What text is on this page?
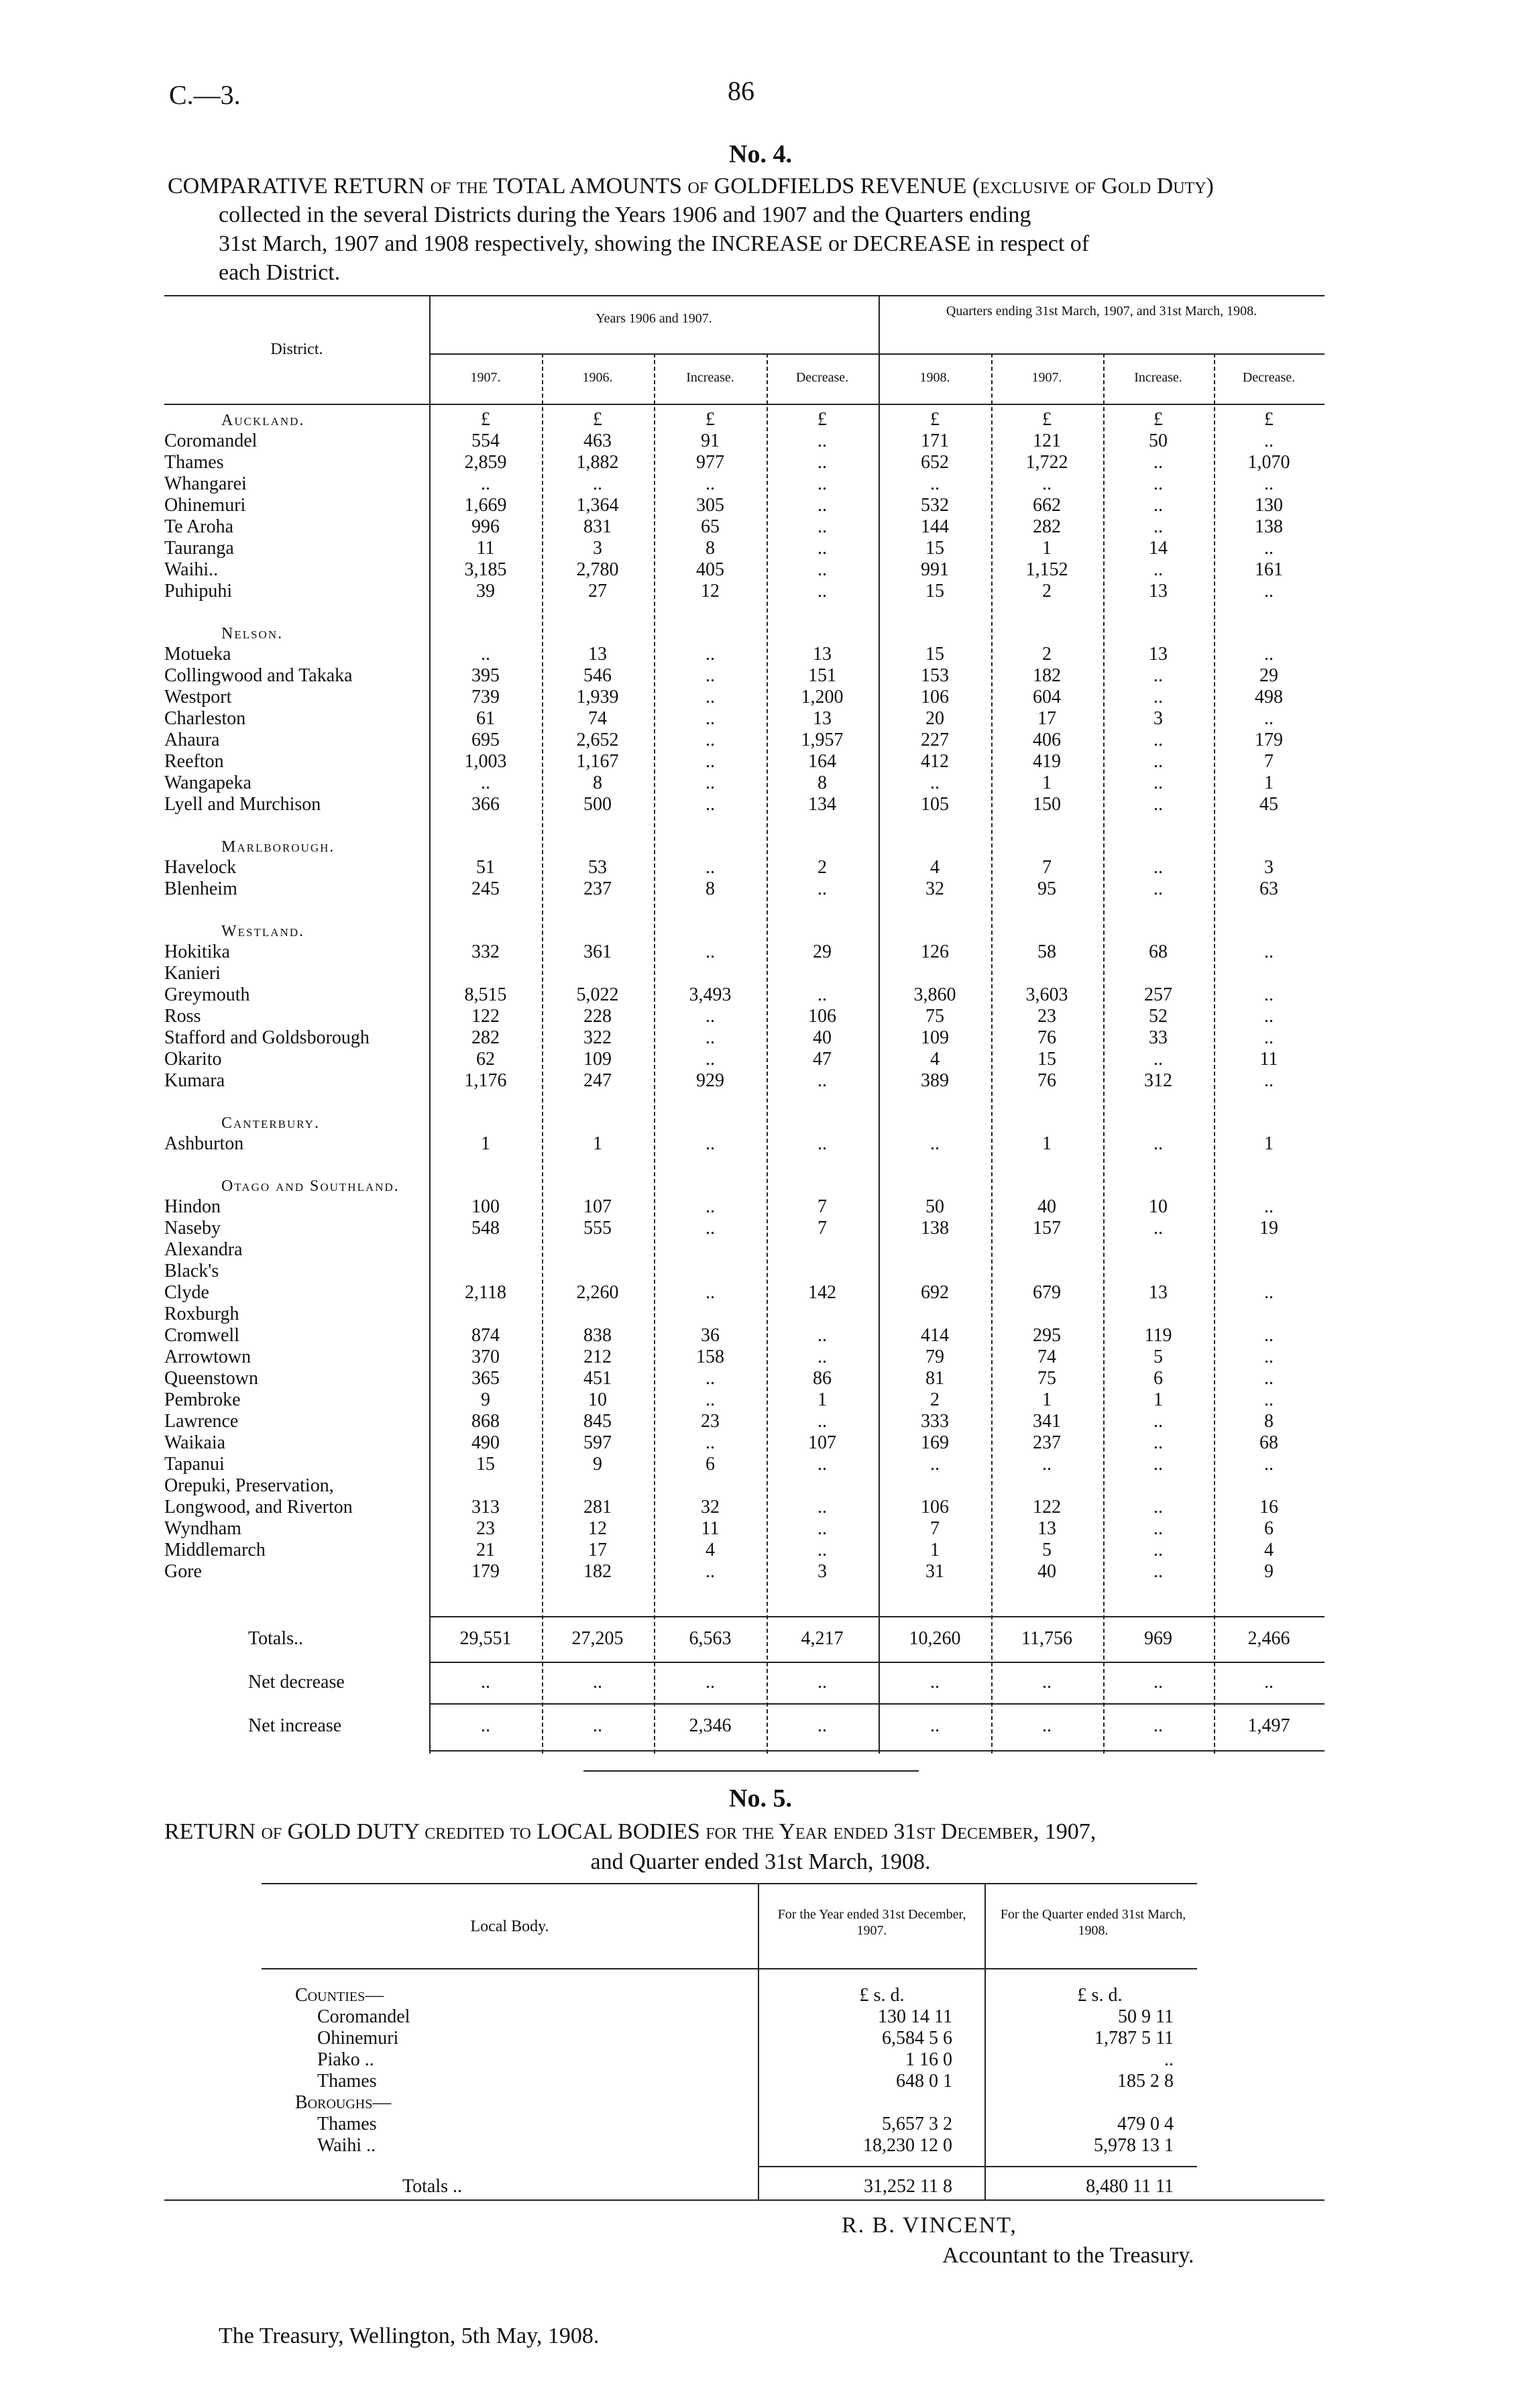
C.—3.	86
No. 4.
COMPARATIVE RETURN of the TOTAL AMOUNTS of GOLDFIELDS REVENUE (exclusive of Gold Duty)
collected in the several Districts during the Years 1906 and 1907 and the Quarters ending
31st March, 1907 and 1908 respectively, showing the INCREASE or DECREASE in respect of
each District.
District.
Years 1906 and 1907.	Quarters ending 31st March, 1907, and 31st March, 1908.
1907.	1906.	Increase.	Decrease.	1908.	1907.	Increase.	Decrease.
£	£	£	£	£	£	£	£
Auckland.
Coromandel	554	463	91	..	171	121	50	..
Thames	2,859	1,882	977	..	652	1,722	..	1,070
Whangarei	..	..	..	..	..	..	..	..
Ohinemuri	1,669	1,364	305	..	532	662	..	130
Te Aroha	996	831	65	..	144	282	..	138
Tauranga	11	3	8	..	15	1	14	..
Waihi..	3,185	2,780	405	..	991	1,152	..	161
Puhipuhi	39	27	12	..	15	2	13	..
Nelson.
Motueka	..	13	..	13	15	2	13	..
Collingwood and Takaka	395	546	..	151	153	182	..	29
Westport	739	1,939	..	1,200	106	604	..	498
Charleston	61	74	..	13	20	17	3	..
Ahaura	695	2,652	..	1,957	227	406	..	179
Reefton	1,003	1,167	..	164	412	419	..	7
Wangapeka	..	8	..	8	..	1	..	1
Lyell and Murchison	366	500	..	134	105	150	..	45
Marlborough.
Havelock	51	53	..	2	4	7	..	3
Blenheim	245	237	8	..	32	95	..	63
Westland.
Hokitika	332	361	..	29	126	58	68	..
Kanieri
Greymouth	8,515	5,022	3,493	..	3,860	3,603	257	..
Ross	122	228	..	106	75	23	52	..
Stafford and Goldsborough	282	322	..	40	109	76	33	..
Okarito	62	109	..	47	4	15	..	11
Kumara	1,176	247	929	..	389	76	312	..
Canterbury.
Ashburton	1	1	..	..	..	1	..	1
Otago and Southland.
Hindon	100	107	..	7	50	40	10	..
Naseby	548	555	..	7	138	157	..	19
Alexandra
Black's
Clyde	2,118	2,260	..	142	692	679	13	..
Roxburgh
Cromwell	874	838	36	..	414	295	119	..
Arrowtown	370	212	158	..	79	74	5	..
Queenstown	365	451	..	86	81	75	6	..
Pembroke	9	10	..	1	2	1	1	..
Lawrence	868	845	23	..	333	341	..	8
Waikaia	490	597	..	107	169	237	..	68
Tapanui	15	9	6	..	..	..	..	..
Orepuki, Preservation,
Longwood, and Riverton	313	281	32	..	106	122	..	16
Wyndham	23	12	11	..	7	13	..	6
Middlemarch	21	17	4	..	1	5	..	4
Gore	179	182	..	3	31	40	..	9
Totals..	29,551	27,205	6,563	4,217	10,260	11,756	969	2,466
Net decrease	..	..	..	..	..	..	..	..
Net increase	..	..	2,346	..	..	..	..	1,497
No. 5.
RETURN of GOLD DUTY credited to LOCAL BODIES for the Year ended 31st December, 1907,
and Quarter ended 31st March, 1908.
Local Body.
For the Year ended 31st December, 1907.
For the Quarter ended 31st March, 1908.
£ s. d.	£ s. d.
Counties—
Coromandel	130 14 11	50 9 11
Ohinemuri	6,584 5 6	1,787 5 11
Piako ..	1 16 0	..
Thames	648 0 1	185 2 8
Boroughs—
Thames	5,657 3 2	479 0 4
Waihi ..	18,230 12 0	5,978 13 1
Totals ..	31,252 11 8	8,480 11 11
R. B. VINCENT,
Accountant to the Treasury.
The Treasury, Wellington, 5th May, 1908.
